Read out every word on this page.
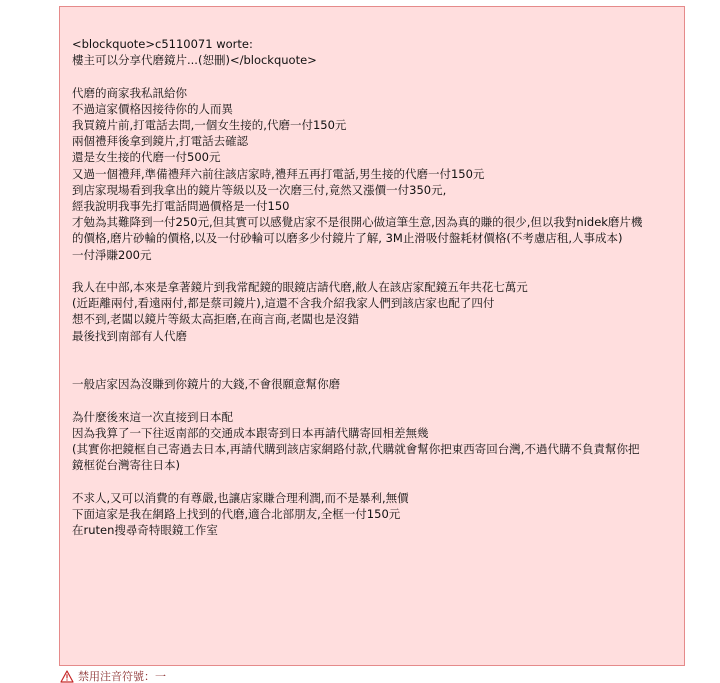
<blockquote>c5110071 worte:
樓主可以分享代磨鏡片...(恕刪)</blockquote>

代磨的商家我私訊給你
不過這家價格因接待你的人而異
我買鏡片前,打電話去問,一個女生接的,代磨一付150元
兩個禮拜後拿到鏡片,打電話去確認
還是女生接的代磨一付500元
又過一個禮拜,準備禮拜六前往該店家時,禮拜五再打電話,男生接的代磨一付150元
到店家現場看到我拿出的鏡片等級以及一次磨三付,竟然又漲價一付350元,
經我說明我事先打電話問過價格是一付150
才勉為其難降到一付250元,但其實可以感覺店家不是很開心做這筆生意,因為真的賺的很少,但以我對nidek磨片機
的價格,磨片砂輪的價格,以及一付砂輪可以磨多少付鏡片了解, 3M止滑吸付盤耗材價格(不考慮店租,人事成本)
一付淨賺200元

我人在中部,本來是拿著鏡片到我常配鏡的眼鏡店請代磨,敝人在該店家配鏡五年共花七萬元
(近距離兩付,看遠兩付,都是蔡司鏡片),這還不含我介紹我家人們到該店家也配了四付
想不到,老闆以鏡片等級太高拒磨,在商言商,老闆也是沒錯
最後找到南部有人代磨

一般店家因為沒賺到你鏡片的大錢,不會很願意幫你磨

為什麼後來這一次直接到日本配
因為我算了一下往返南部的交通成本跟寄到日本再請代購寄回相差無幾
(其實你把鏡框自己寄過去日本,再請代購到該店家網路付款,代購就會幫你把東西寄回台灣,不過代購不負責幫你把
鏡框從台灣寄往日本)

不求人,又可以消費的有尊嚴,也讓店家賺合理利潤,而不是暴利,無價
下面這家是我在網路上找到的代磨,適合北部朋友,全框一付150元
在ruten搜尋奇特眼鏡工作室
禁用注音符號：一
